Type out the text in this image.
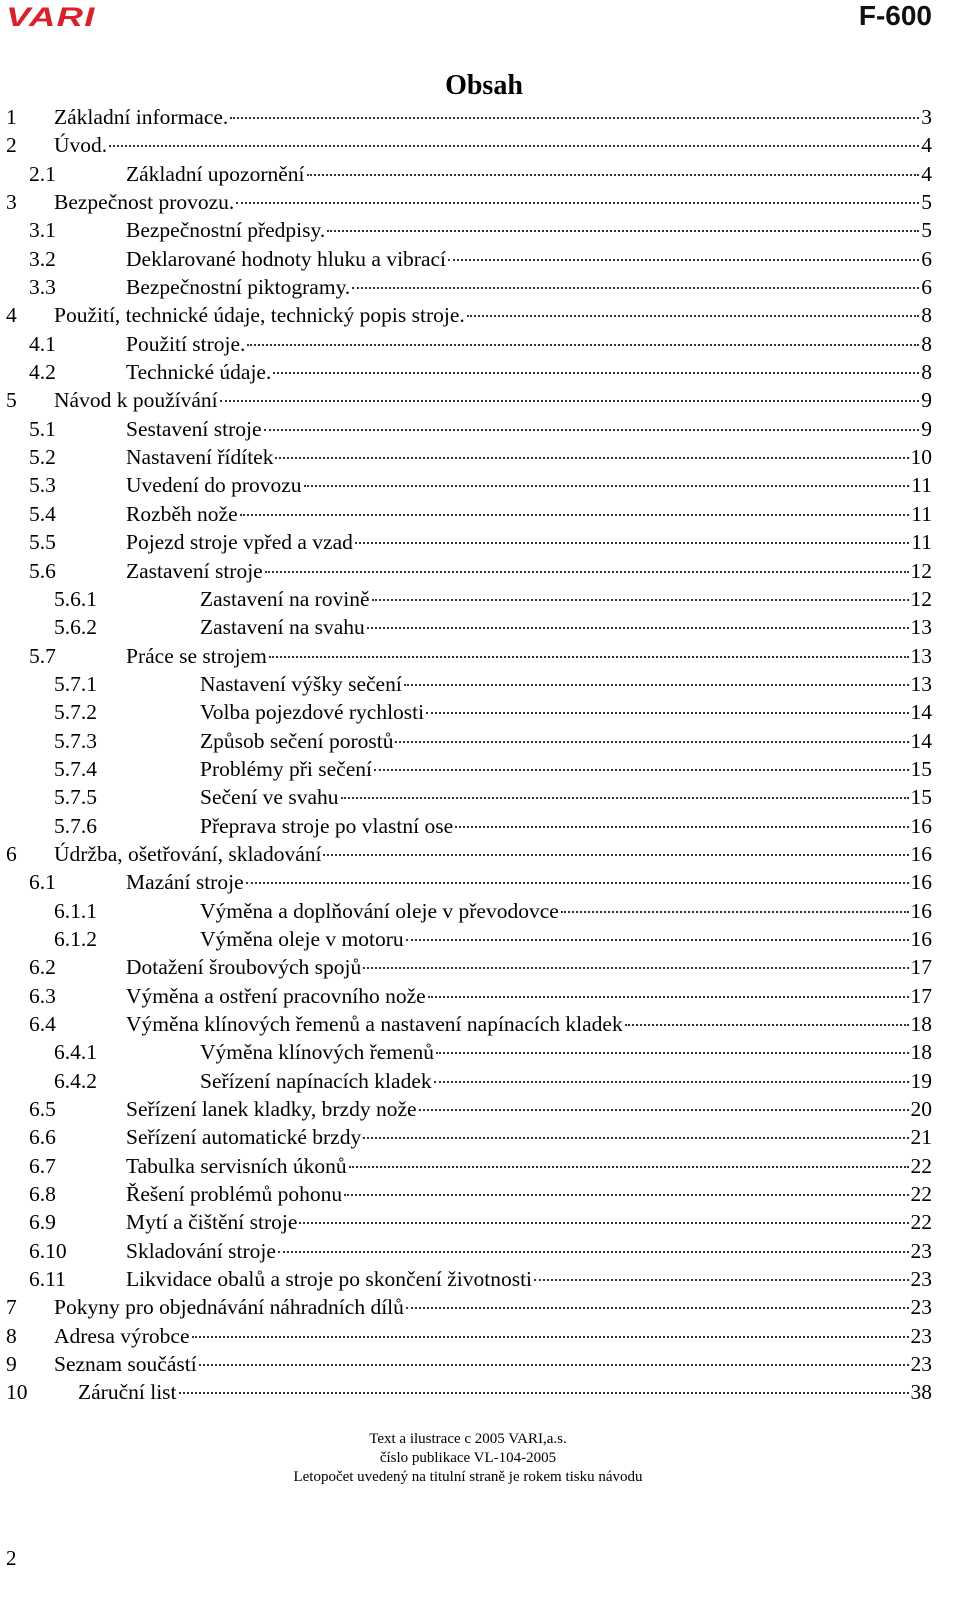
VARI	F-600
Obsah
1	Základní informace.	3
2	Úvod.	4
2.1	Základní upozornění	4
3	Bezpečnost provozu.	5
3.1	Bezpečnostní předpisy.	5
3.2	Deklarované hodnoty hluku a vibrací	6
3.3	Bezpečnostní piktogramy.	6
4	Použití, technické údaje, technický popis stroje.	8
4.1	Použití stroje.	8
4.2	Technické údaje.	8
5	Návod k používání	9
5.1	Sestavení stroje	9
5.2	Nastavení řídítek	10
5.3	Uvedení do provozu	11
5.4	Rozběh nože	11
5.5	Pojezd stroje vpřed a vzad	11
5.6	Zastavení stroje	12
5.6.1	Zastavení na rovině	12
5.6.2	Zastavení na svahu	13
5.7	Práce se strojem	13
5.7.1	Nastavení výšky sečení	13
5.7.2	Volba pojezdové rychlosti	14
5.7.3	Způsob sečení porostů	14
5.7.4	Problémy při sečení	15
5.7.5	Sečení ve svahu	15
5.7.6	Přeprava stroje po vlastní ose	16
6	Údržba, ošetřování, skladování	16
6.1	Mazání stroje	16
6.1.1	Výměna a doplňování oleje v převodovce	16
6.1.2	Výměna oleje v motoru	16
6.2	Dotažení šroubových spojů	17
6.3	Výměna a ostření pracovního nože	17
6.4	Výměna klínových řemenů a nastavení napínacích kladek	18
6.4.1	Výměna klínových řemenů	18
6.4.2	Seřízení napínacích kladek	19
6.5	Seřízení lanek kladky, brzdy nože	20
6.6	Seřízení automatické brzdy	21
6.7	Tabulka servisních úkonů	22
6.8	Řešení problémů pohonu	22
6.9	Mytí a čištění stroje	22
6.10	Skladování stroje	23
6.11	Likvidace obalů a stroje po skončení životnosti	23
7	Pokyny pro objednávání náhradních dílů	23
8	Adresa výrobce	23
9	Seznam součástí	23
10	Záruční list	38
Text a ilustrace c 2005 VARI,a.s.
číslo publikace VL-104-2005
Letopočet uvedený na titulní straně je rokem tisku návodu
2
